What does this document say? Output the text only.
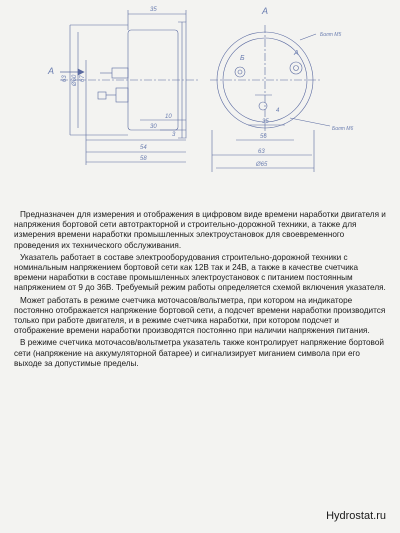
A
A
35
54
58
30
10
3
63 Ø60 67
Болт М5
Болт М6
Б
А
63
Ø65
56
35
4

Предназначен для измерения и отображения в цифровом виде времени наработки двигателя и напряжения бортовой сети автотракторной и строительно-дорожной техники, а также для измерения времени наработки промышленных электроустановок для своевременного проведения их технического обслуживания.

Указатель работает в составе электрооборудования строительно-дорожной техники с номинальным напряжением бортовой сети как 12В так и 24В, а также в качестве счетчика времени наработки в составе промышленных электроустановок с питанием постоянным напряжением от 9 до 36В. Требуемый режим работы определяется схемой включения указателя.

Может работать в режиме счетчика моточасов/вольтметра, при котором на индикаторе постоянно отображается напряжение бортовой сети, а подсчет времени наработки производится только при работе двигателя, и в режиме счетчика наработки, при котором подсчет и отображение времени наработки производятся постоянно при наличии напряжения питания.

В режиме счетчика моточасов/вольтметра указатель также контролирует напряжение бортовой сети (напряжение на аккумуляторной батарее) и сигнализирует миганием символа при его выходе за допустимые пределы.

Hydrostat.ru
